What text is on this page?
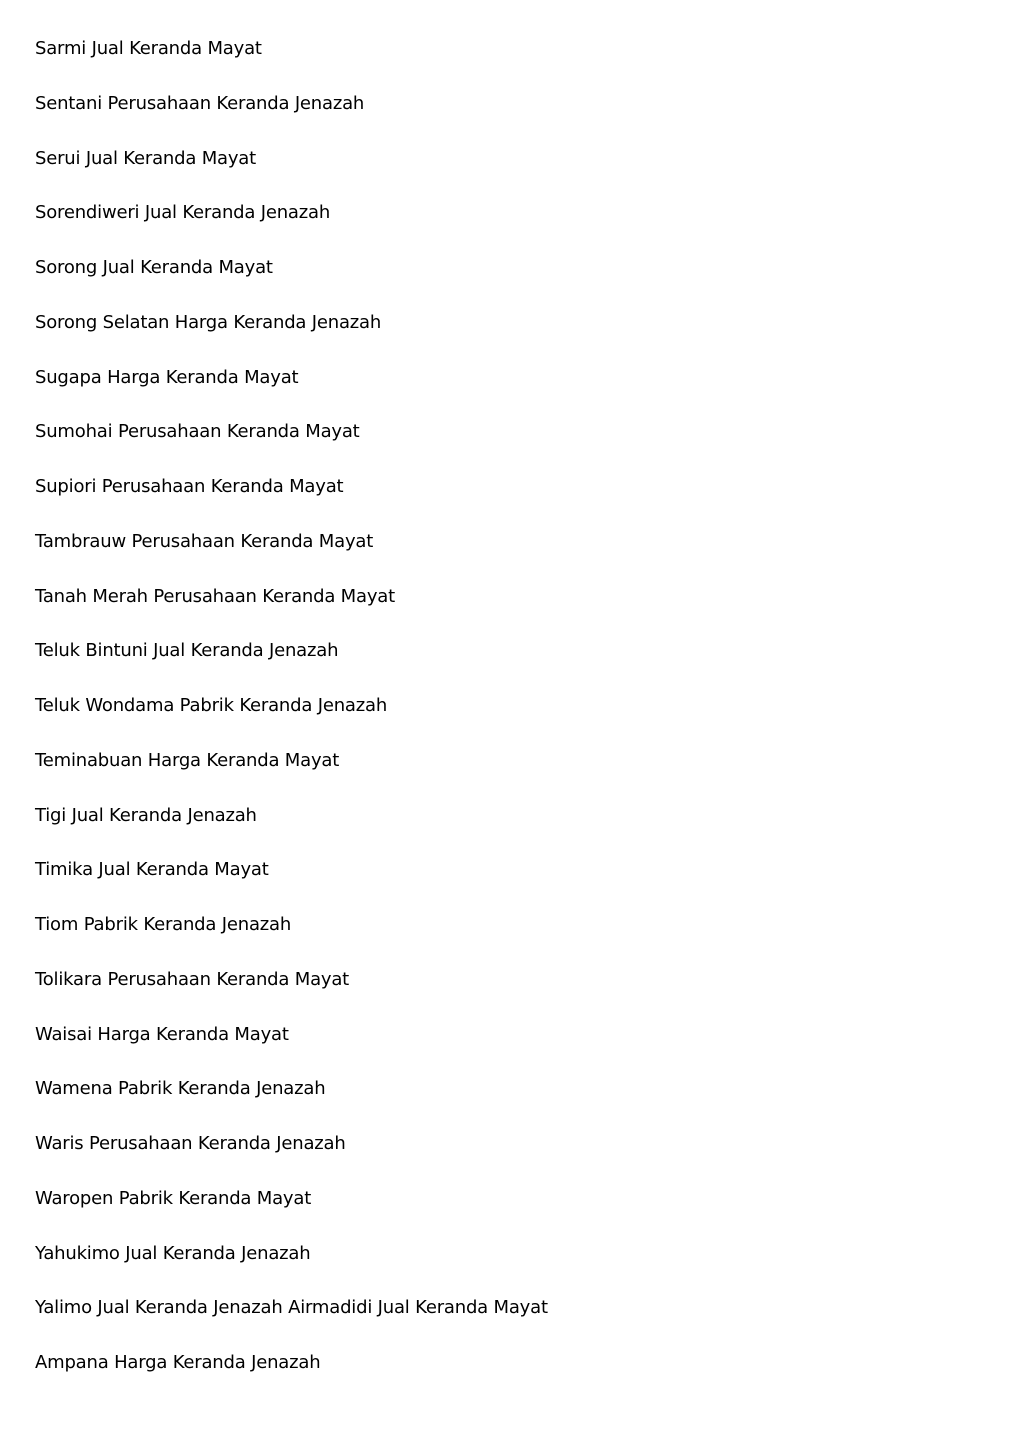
Sarmi Jual Keranda Mayat
Sentani Perusahaan Keranda Jenazah
Serui Jual Keranda Mayat
Sorendiweri Jual Keranda Jenazah
Sorong Jual Keranda Mayat
Sorong Selatan Harga Keranda Jenazah
Sugapa Harga Keranda Mayat
Sumohai Perusahaan Keranda Mayat
Supiori Perusahaan Keranda Mayat
Tambrauw Perusahaan Keranda Mayat
Tanah Merah Perusahaan Keranda Mayat
Teluk Bintuni Jual Keranda Jenazah
Teluk Wondama Pabrik Keranda Jenazah
Teminabuan Harga Keranda Mayat
Tigi Jual Keranda Jenazah
Timika Jual Keranda Mayat
Tiom Pabrik Keranda Jenazah
Tolikara Perusahaan Keranda Mayat
Waisai Harga Keranda Mayat
Wamena Pabrik Keranda Jenazah
Waris Perusahaan Keranda Jenazah
Waropen Pabrik Keranda Mayat
Yahukimo Jual Keranda Jenazah
Yalimo Jual Keranda Jenazah Airmadidi Jual Keranda Mayat
Ampana Harga Keranda Jenazah
